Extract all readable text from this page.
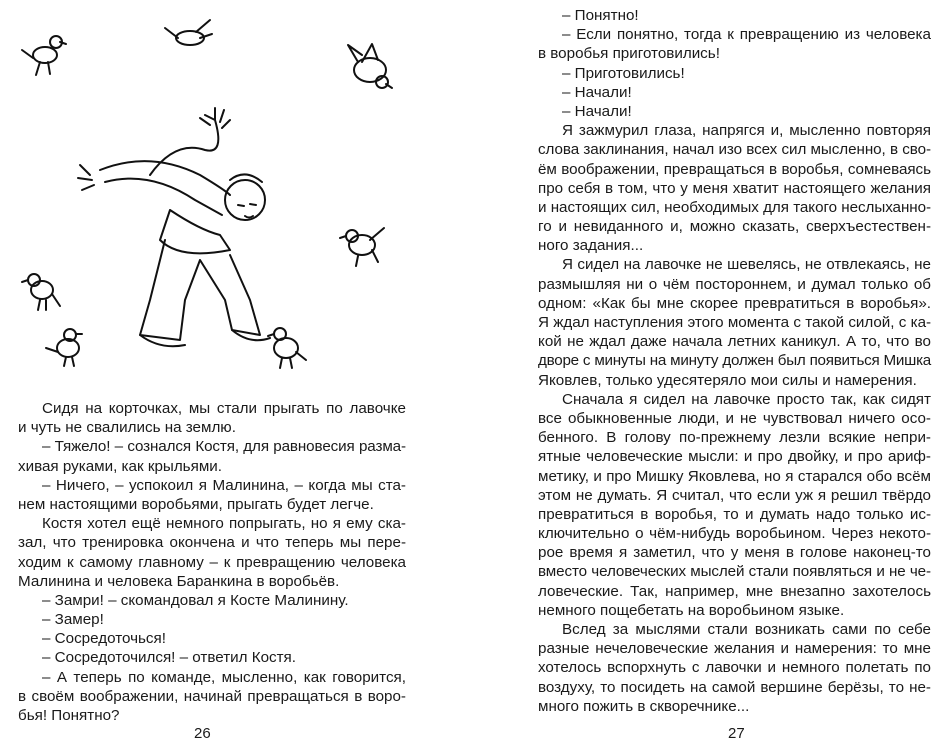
Сидя на корточках, мы стали прыгать по лавочке
и чуть не свалились на землю.
– Тяжело! – сознался Костя, для равновесия разма-
хивая руками, как крыльями.
– Ничего, – успокоил я Малинина, – когда мы ста-
нем настоящими воробьями, прыгать будет легче.
Костя хотел ещё немного попрыгать, но я ему ска-
зал, что тренировка окончена и что теперь мы пере-
ходим к самому главному – к превращению человека
Малинина и человека Баранкина в воробьёв.
– Замри! – скомандовал я Косте Малинину.
– Замер!
– Сосредоточься!
– Сосредоточился! – ответил Костя.
– А теперь по команде, мысленно, как говорится,
в своём воображении, начинай превращаться в воро-
бья! Понятно?
26
– Понятно!
– Если понятно, тогда к превращению из человека
в воробья приготовились!
– Приготовились!
– Начали!
– Начали!
Я зажмурил глаза, напрягся и, мысленно повторяя
слова заклинания, начал изо всех сил мысленно, в сво-
ём воображении, превращаться в воробья, сомневаясь
про себя в том, что у меня хватит настоящего желания
и настоящих сил, необходимых для такого неслыханно-
го и невиданного и, можно сказать, сверхъестествен-
ного задания...
Я сидел на лавочке не шевелясь, не отвлекаясь, не
размышляя ни о чём постороннем, и думал только об
одном: «Как бы мне скорее превратиться в воробья».
Я ждал наступления этого момента с такой силой, с ка-
кой не ждал даже начала летних каникул. А то, что во
дворе с минуты на минуту должен был появиться Мишка
Яковлев, только удесятеряло мои силы и намерения.
Сначала я сидел на лавочке просто так, как сидят
все обыкновенные люди, и не чувствовал ничего осо-
бенного. В голову по-прежнему лезли всякие непри-
ятные человеческие мысли: и про двойку, и про ариф-
метику, и про Мишку Яковлева, но я старался обо всём
этом не думать. Я считал, что если уж я решил твёрдо
превратиться в воробья, то и думать надо только ис-
ключительно о чём-нибудь воробьином. Через некото-
рое время я заметил, что у меня в голове наконец-то
вместо человеческих мыслей стали появляться и не че-
ловеческие. Так, например, мне внезапно захотелось
немного пощебетать на воробьином языке.
Вслед за мыслями стали возникать сами по себе
разные нечеловеческие желания и намерения: то мне
хотелось вспорхнуть с лавочки и немного полетать по
воздуху, то посидеть на самой вершине берёзы, то не-
много пожить в скворечнике...
27
